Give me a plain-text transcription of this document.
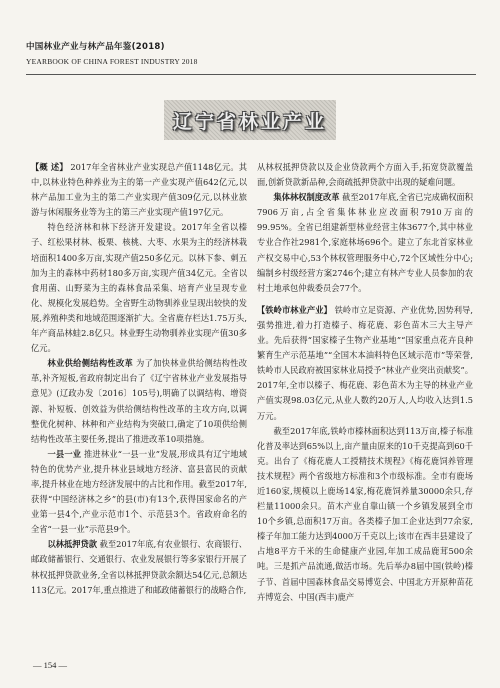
中国林业产业与林产品年鉴(2018)
YEARBOOK OF CHINA FOREST INDUSTRY 2018
辽宁省林业产业

【概 述】 2017年全省林业产业实现总产值1148亿元。其中,以林业特色种养业为主的第一产业实现产值642亿元,以林产品加工业为主的第二产业实现产值309亿元,以林业旅游与休闲服务业等为主的第三产业实现产值197亿元。

特色经济林和林下经济开发建设。2017年全省以榛子、红松果材林、板栗、核桃、大枣、水果为主的经济林栽培面积1400多万亩,实现产值250多亿元。以林下参、刺五加为主的森林中药材180多万亩,实现产值34亿元。全省以食用菌、山野菜为主的森林食品采集、培育产业呈现专业化、规模化发展趋势。全省野生动物驯养业呈现出较快的发展,养殖种类和地域范围逐渐扩大。全省鹿存栏达1.75万头,年产商品林蛙2.8亿只。林业野生动物驯养业实现产值30多亿元。

林业供给侧结构性改革 为了加快林业供给侧结构性改革,补齐短板,省政府制定出台了《辽宁省林业产业发展指导意见》(辽政办发〔2016〕105号),明确了以调结构、增资源、补短板、创效益为供给侧结构性改革的主攻方向,以调整优化树种、林种和产业结构为突破口,确定了10项供给侧结构性改革主要任务,提出了推进改革10项措施。

一县一业 推进林业“一县一业”发展,形成具有辽宁地域特色的优势产业,提升林业县域地方经济、富县富民的贡献率,提升林业在地方经济发展中的占比和作用。截至2017年,获得“中国经济林之乡”的县(市)有13个,获得国家命名的产业第一县4个,产业示范市1个、示范县3个。省政府命名的全省“一县一业”示范县9个。

以林抵押贷款 截至2017年底,有农业银行、农商银行、邮政储蓄银行、交通银行、农业发展银行等多家银行开展了林权抵押贷款业务,全省以林抵押贷款余额达54亿元,总额达113亿元。2017年,重点推进了和邮政储蓄银行的战略合作,

从林权抵押贷款以及企业贷款两个方面入手,拓宽贷款覆盖面,创新贷款新品种,会商疏抵押贷款中出现的疑难问题。

集体林权制度改革 截至2017年底,全省已完成确权面积7906万亩,占全省集体林业应改面积7910万亩的99.95%。全省已组建新型林业经营主体3677个,其中林业专业合作社2981个,家庭林场696个。建立了东北首家林业产权交易中心,53个林权管理服务中心,72个区域性分中心;编制乡村级经营方案2746个;建立有林产专业人员参加的农村土地承包仲裁委员会77个。

【铁岭市林业产业】 铁岭市立足资源、产业优势,因势利导,强势推进,着力打造榛子、梅花鹿、彩色苗木三大主导产业。先后获得“国家榛子生物产业基地”“国家重点花卉良种繁育生产示范基地”“全国木本油料特色区域示范市”等荣誉,铁岭市人民政府被国家林业局授予“林业产业突出贡献奖”。2017年,全市以榛子、梅花鹿、彩色苗木为主导的林业产业产值实现98.03亿元,从业人数约20万人,人均收入达到1.5万元。

截至2017年底,铁岭市榛林面积达到113万亩,榛子标准化普及率达到65%以上,亩产量由原来的10千克提高到60千克。出台了《梅花鹿人工授精技术规程》《梅花鹿饲养管理技术规程》两个省级地方标准和3个市级标准。全市有鹿场近160家,规模以上鹿场14家,梅花鹿饲养量30000余只,存栏量11000余只。苗木产业自靠山镇一个乡镇发展到全市10个乡镇,总面积17万亩。各类榛子加工企业达到77余家,榛子年加工能力达到4000万千克以上;该市在西丰县建设了占地8平方千米的生命健康产业园,年加工成品鹿茸500余吨。三是抓产品流通,做活市场。先后举办8届中国(铁岭)榛子节、首届中国森林食品交易博览会、中国北方开原种苗花卉博览会、中国(西丰)鹿产

— 154 —
